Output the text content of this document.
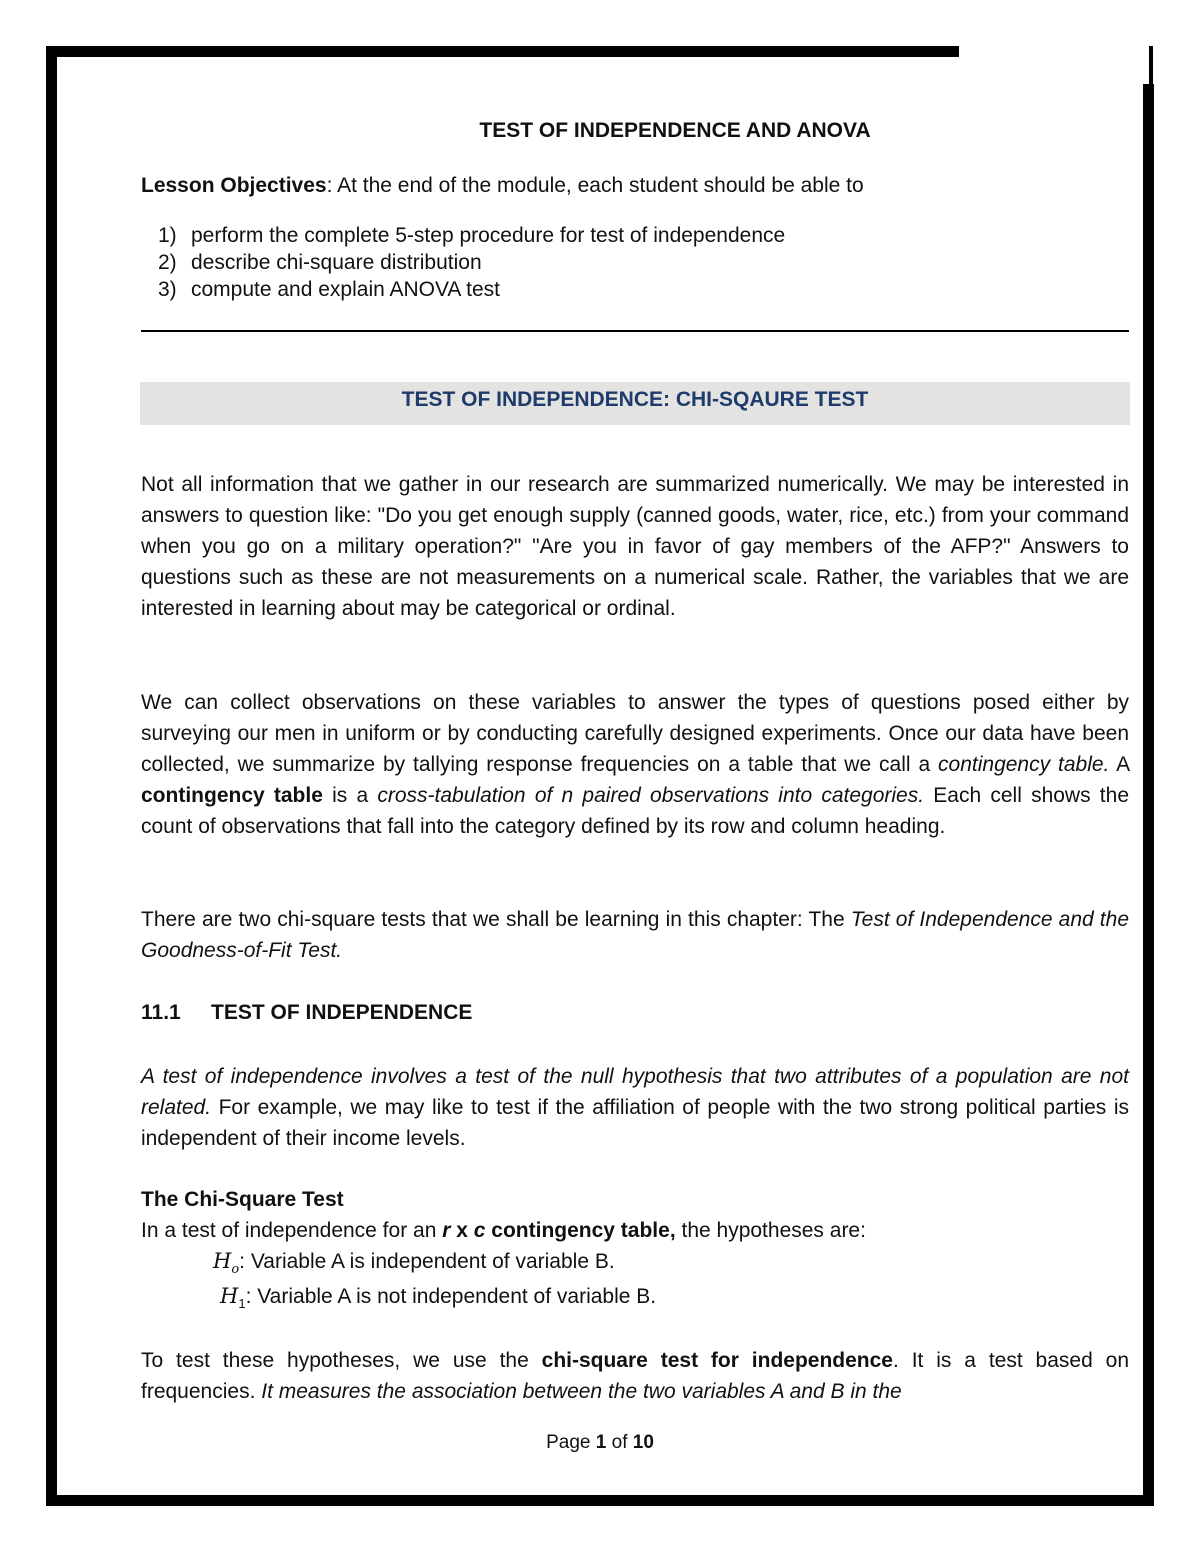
TEST OF INDEPENDENCE AND ANOVA
Lesson Objectives: At the end of the module, each student should be able to
1) perform the complete 5-step procedure for test of independence
2) describe chi-square distribution
3) compute and explain ANOVA test
TEST OF INDEPENDENCE: CHI-SQAURE TEST
Not all information that we gather in our research are summarized numerically. We may be interested in answers to question like: "Do you get enough supply (canned goods, water, rice, etc.) from your command when you go on a military operation?" "Are you in favor of gay members of the AFP?" Answers to questions such as these are not measurements on a numerical scale. Rather, the variables that we are interested in learning about may be categorical or ordinal.
We can collect observations on these variables to answer the types of questions posed either by surveying our men in uniform or by conducting carefully designed experiments. Once our data have been collected, we summarize by tallying response frequencies on a table that we call a contingency table. A contingency table is a cross-tabulation of n paired observations into categories. Each cell shows the count of observations that fall into the category defined by its row and column heading.
There are two chi-square tests that we shall be learning in this chapter: The Test of Independence and the Goodness-of-Fit Test.
11.1 TEST OF INDEPENDENCE
A test of independence involves a test of the null hypothesis that two attributes of a population are not related. For example, we may like to test if the affiliation of people with the two strong political parties is independent of their income levels.
The Chi-Square Test
In a test of independence for an r x c contingency table, the hypotheses are:
$H_o$: Variable A is independent of variable B.
$H_1$: Variable A is not independent of variable B.
To test these hypotheses, we use the chi-square test for independence. It is a test based on frequencies. It measures the association between the two variables A and B in the
Page 1 of 10
